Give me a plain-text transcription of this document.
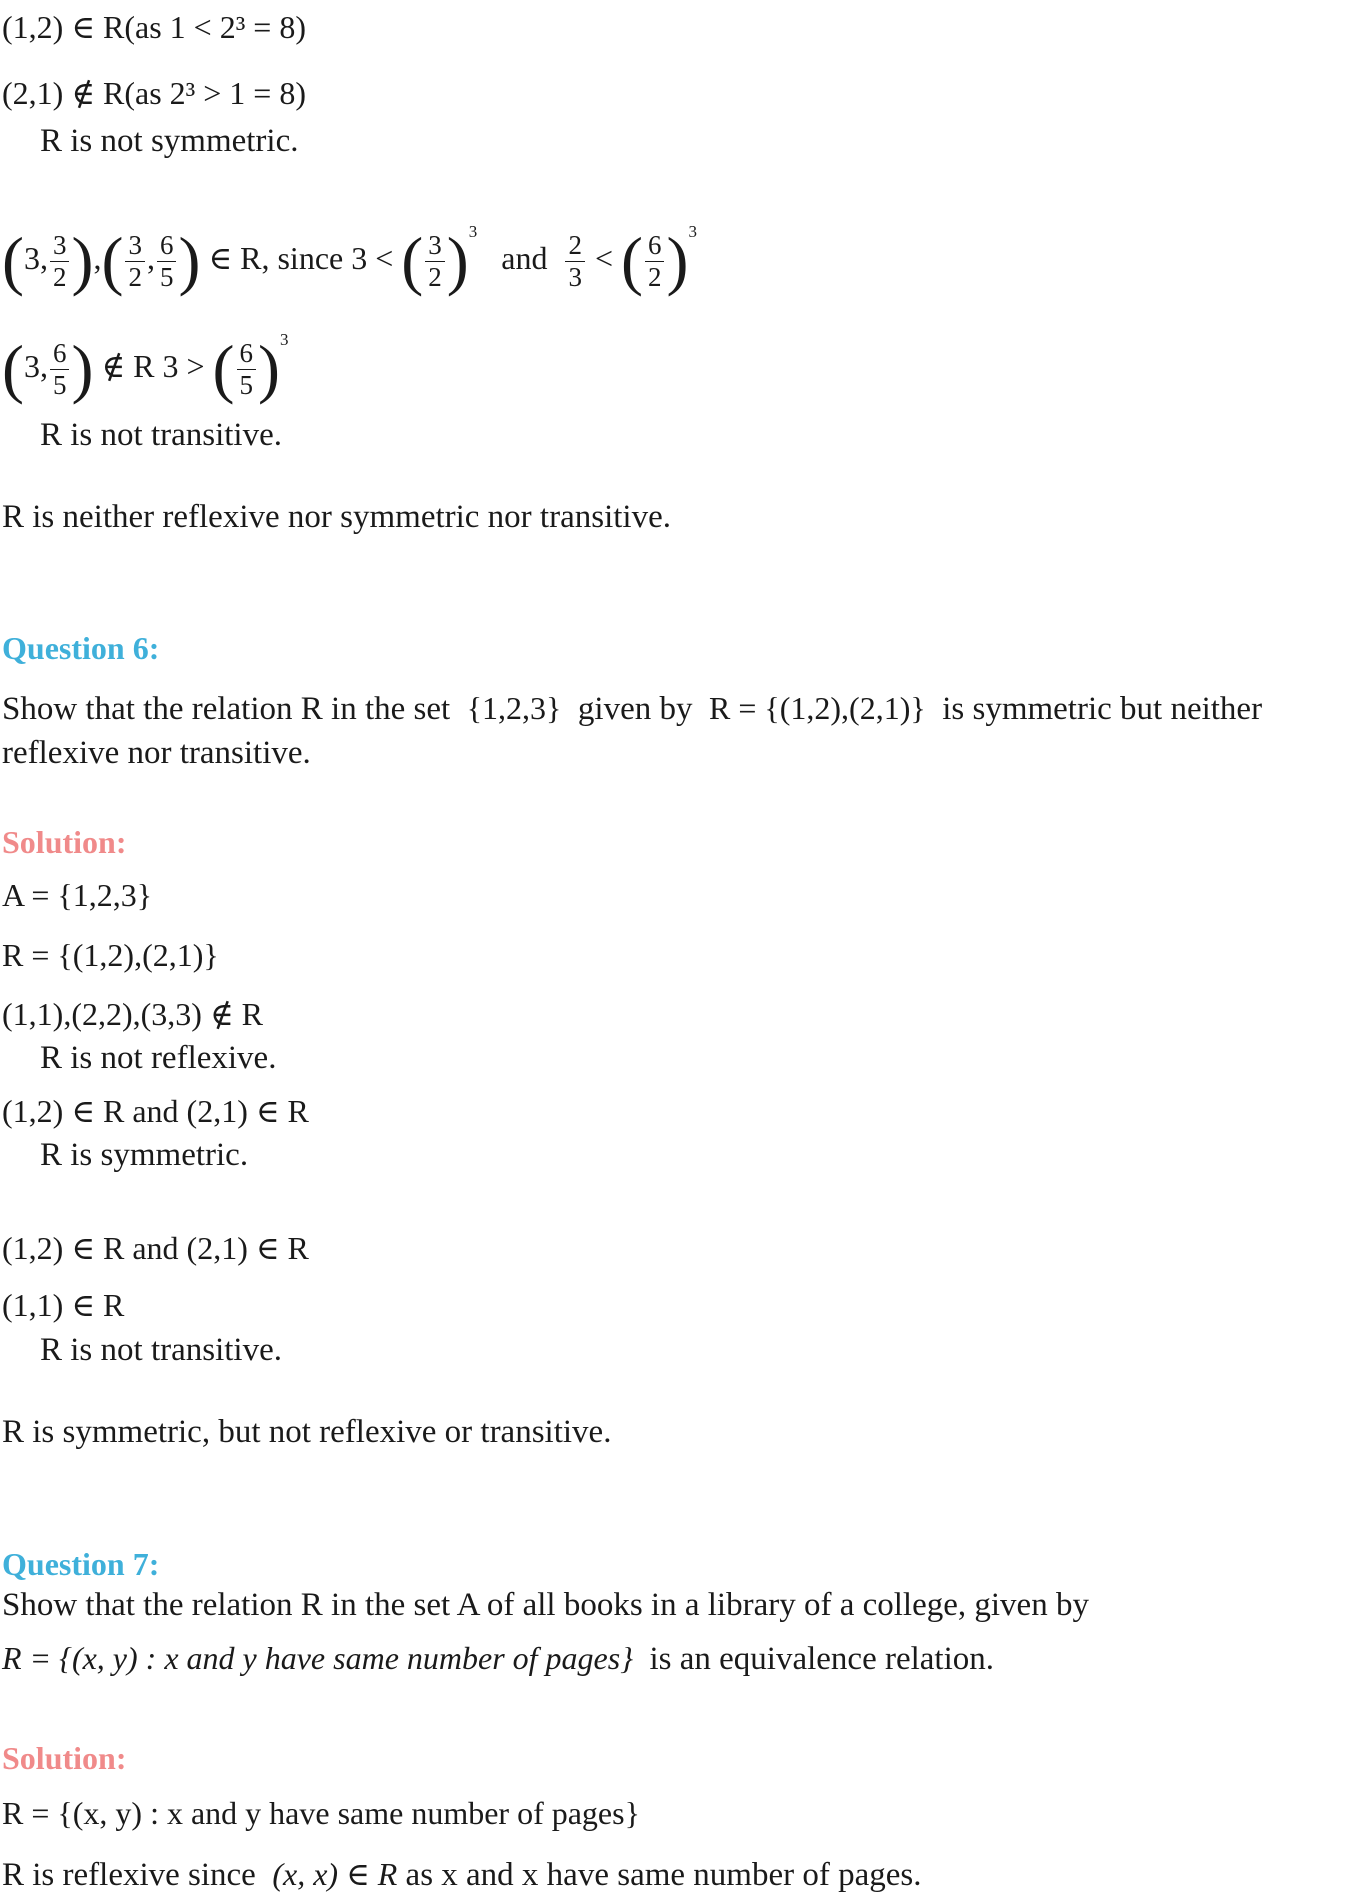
(1,2) ∈ R(as 1 < 2³ = 8)
(2,1) ∉ R(as 2³ > 1 = 8)
R is not symmetric.
(3, $\frac{3}{2}$ ),( $\frac{3}{2}$ , $\frac{6}{5}$ ) ∈ R, since 3 < ( $\frac{3}{2} )^3$   and $\frac{2}{3}$ < ( $\frac{6}{2} )^3$
(3, $\frac{6}{5}$ ) ∉ R 3 > ( $\frac{6}{5} )^3$
R is not transitive.
R is neither reflexive nor symmetric nor transitive.
Question 6:
Show that the relation R in the set {1,2,3} given by R = {(1,2),(2,1)} is symmetric but neither
reflexive nor transitive.
Solution:
A = {1,2,3}
R = {(1,2),(2,1)}
(1,1),(2,2),(3,3) ∉ R
R is not reflexive.
(1,2) ∈ R and (2,1) ∈ R
R is symmetric.
(1,2) ∈ R and (2,1) ∈ R
(1,1) ∈ R
R is not transitive.
R is symmetric, but not reflexive or transitive.
Question 7:
Show that the relation R in the set A of all books in a library of a college, given by
R = {(x, y) : x and y have same number of pages} is an equivalence relation.
Solution:
R = {(x, y) : x and y have same number of pages}
R is reflexive since (x, x) ∈ R as x and x have same number of pages.
